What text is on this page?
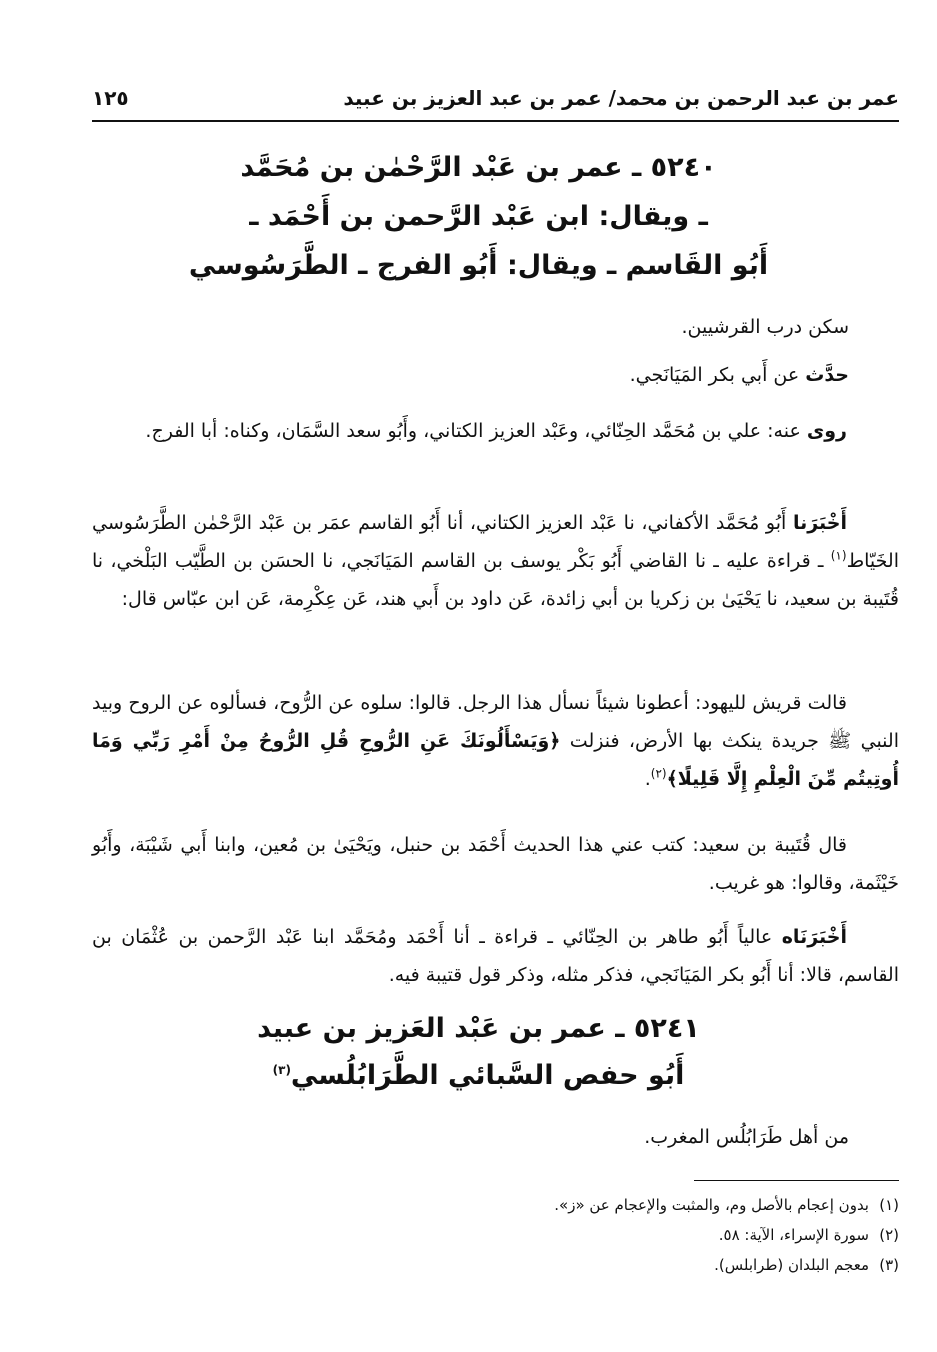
عمر بن عبد الرحمن بن محمد/ عمر بن عبد العزيز بن عبيد
١٢٥
٥٢٤٠ ـ عمر بن عَبْد الرَّحْمٰن بن مُحَمَّد
ـ ويقال: ابن عَبْد الرَّحمن بن أَحْمَد ـ
أَبُو القَاسم ـ ويقال: أَبُو الفرج ـ الطَّرَسُوسي
سكن درب القرشيين.
حدَّث عن أَبي بكر المَيَانَجي.
روى عنه: علي بن مُحَمَّد الحِنّائي، وعَبْد العزيز الكتاني، وأَبُو سعد السَّمَان، وكناه: أبا الفرج.
أَخْبَرَنا أَبُو مُحَمَّد الأكفاني، نا عَبْد العزيز الكتاني، أنا أَبُو القاسم عمَر بن عَبْد الرَّحْمٰن الطَّرَسُوسي الخَيّاط$^{(١)}$ ـ قراءة عليه ـ نا القاضي أَبُو بَكْر يوسف بن القاسم المَيَانَجي، نا الحسَن بن الطَّيّب البَلْخي، نا قُتَيبة بن سعيد، نا يَحْيَىٰ بن زكريا بن أبي زائدة، عَن داود بن أَبي هند، عَن عِكْرِمة، عَن ابن عبّاس قال:
قالت قريش لليهود: أعطونا شيئاً نسأل هذا الرجل. قالوا: سلوه عن الرُّوح، فسألوه عن الروح وبيد النبي ﷺ جريدة ينكث بها الأرض، فنزلت ﴿وَيَسْأَلُونَكَ عَنِ الرُّوحِ قُلِ الرُّوحُ مِنْ أَمْرِ رَبِّي وَمَا أُوتِيتُم مِّنَ الْعِلْمِ إِلَّا قَلِيلًا﴾$^{(٢)}$.
قال قُتَيبة بن سعيد: كتب عني هذا الحديث أَحْمَد بن حنبل، ويَحْيَىٰ بن مُعين، وابنا أَبي شَيْبَة، وأَبُو خَيْثَمة، وقالوا: هو غريب.
أَخْبَرَنَاه عالياً أَبُو طاهر بن الحِنّائي ـ قراءة ـ أنا أَحْمَد ومُحَمَّد ابنا عَبْد الرَّحمن بن عُثْمَان بن القاسم، قالا: أنا أَبُو بكر المَيَانَجي، فذكر مثله، وذكر قول قتيبة فيه.
٥٢٤١ ـ عمر بن عَبْد العَزيز بن عبيد
أَبُو حفص السَّبائي الطَّرَابُلُسي$^{(٣)}$
من أهل طَرَابُلُس المغرب.
(١)بدون إعجام بالأصل وم، والمثبت والإعجام عن «ز».
(٢)سورة الإسراء، الآية: ٥٨.
(٣)معجم البلدان (طرابلس).
